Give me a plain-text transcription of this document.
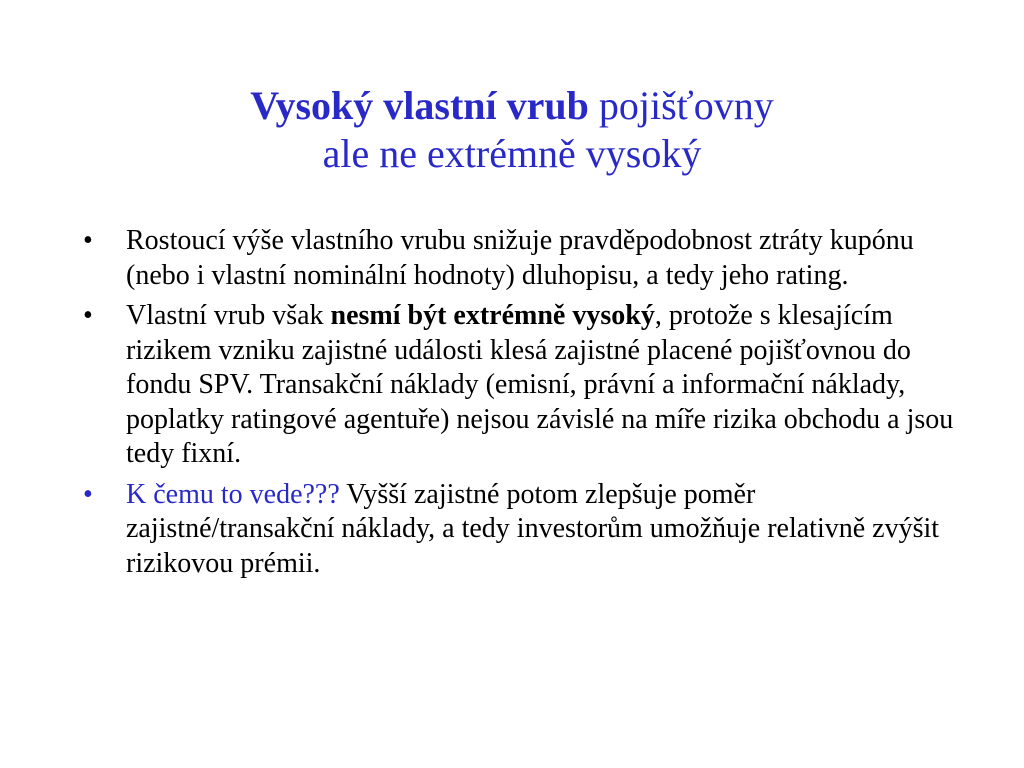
Vysoký vlastní vrub pojišťovny
ale ne extrémně vysoký
• Rostoucí výše vlastního vrubu snižuje pravděpodobnost ztráty kupónu (nebo i vlastní nominální hodnoty) dluhopisu, a tedy jeho rating.
• Vlastní vrub však nesmí být extrémně vysoký, protože s klesajícím rizikem vzniku zajistné události klesá zajistné placené pojišťovnou do fondu SPV. Transakční náklady (emisní, právní a informační náklady, poplatky ratingové agentuře) nejsou závislé na míře rizika obchodu a jsou tedy fixní.
• K čemu to vede??? Vyšší zajistné potom zlepšuje poměr zajistné/transakční náklady, a tedy investorům umožňuje relativně zvýšit rizikovou prémii.
